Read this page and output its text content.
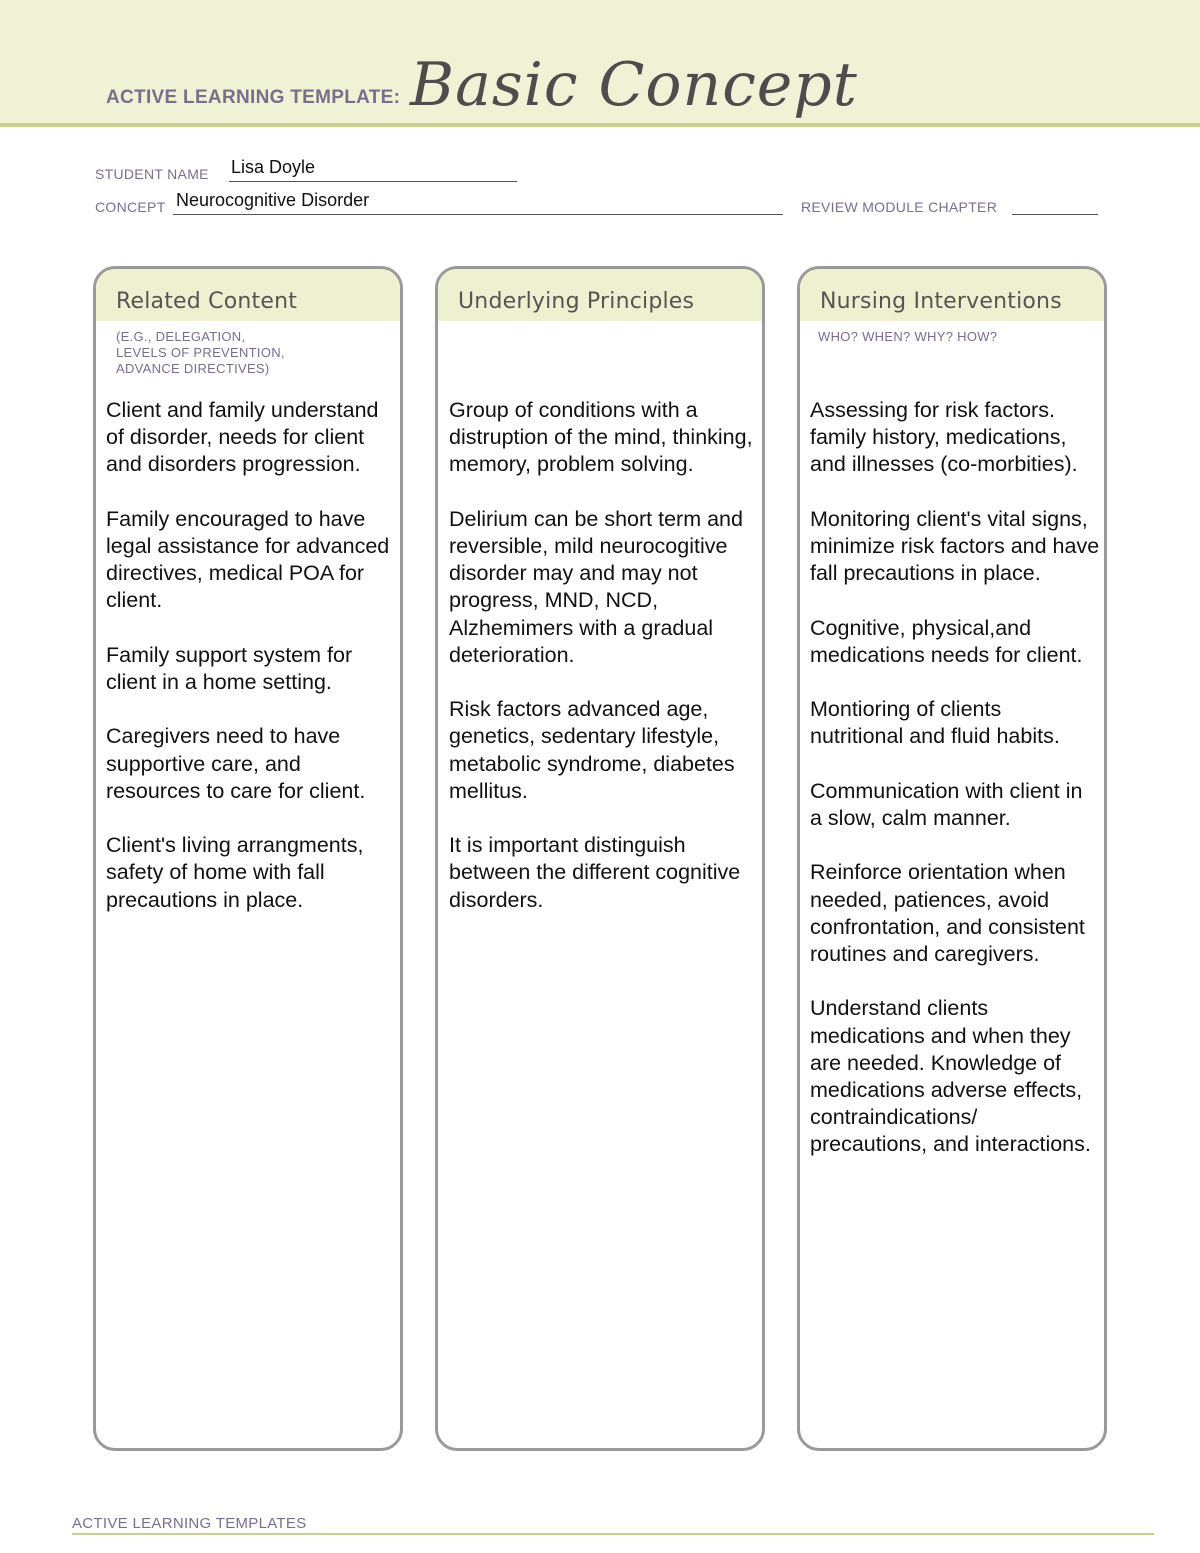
ACTIVE LEARNING TEMPLATE: Basic Concept
STUDENT NAME Lisa Doyle
CONCEPT Neurocognitive Disorder	REVIEW MODULE CHAPTER
Related Content
(E.G., DELEGATION,
LEVELS OF PREVENTION,
ADVANCE DIRECTIVES)

Client and family understand of disorder, needs for client and disorders progression.

Family encouraged to have legal assistance for advanced directives, medical POA for client.

Family support system for client in a home setting.

Caregivers need to have supportive care, and resources to care for client.

Client's living arrangments, safety of home with fall precautions in place.

Underlying Principles

Group of conditions with a distruption of the mind, thinking, memory, problem solving.

Delirium can be short term and reversible, mild neurocogitive disorder may and may not progress, MND, NCD, Alzhemimers with a gradual deterioration.

Risk factors advanced age, genetics, sedentary lifestyle, metabolic syndrome, diabetes mellitus.

It is important distinguish between the different cognitive disorders.

Nursing Interventions
WHO? WHEN? WHY? HOW?

Assessing for risk factors. family history, medications, and illnesses (co-morbities).

Monitoring client's vital signs, minimize risk factors and have fall precautions in place.

Cognitive, physical,and medications needs for client.

Montioring of clients nutritional and fluid habits.

Communication with client in a slow, calm manner.

Reinforce orientation when needed, patiences, avoid confrontation, and consistent routines and caregivers.

Understand clients medications and when they are needed. Knowledge of medications adverse effects, contraindications/ precautions, and interactions.

ACTIVE LEARNING TEMPLATES
